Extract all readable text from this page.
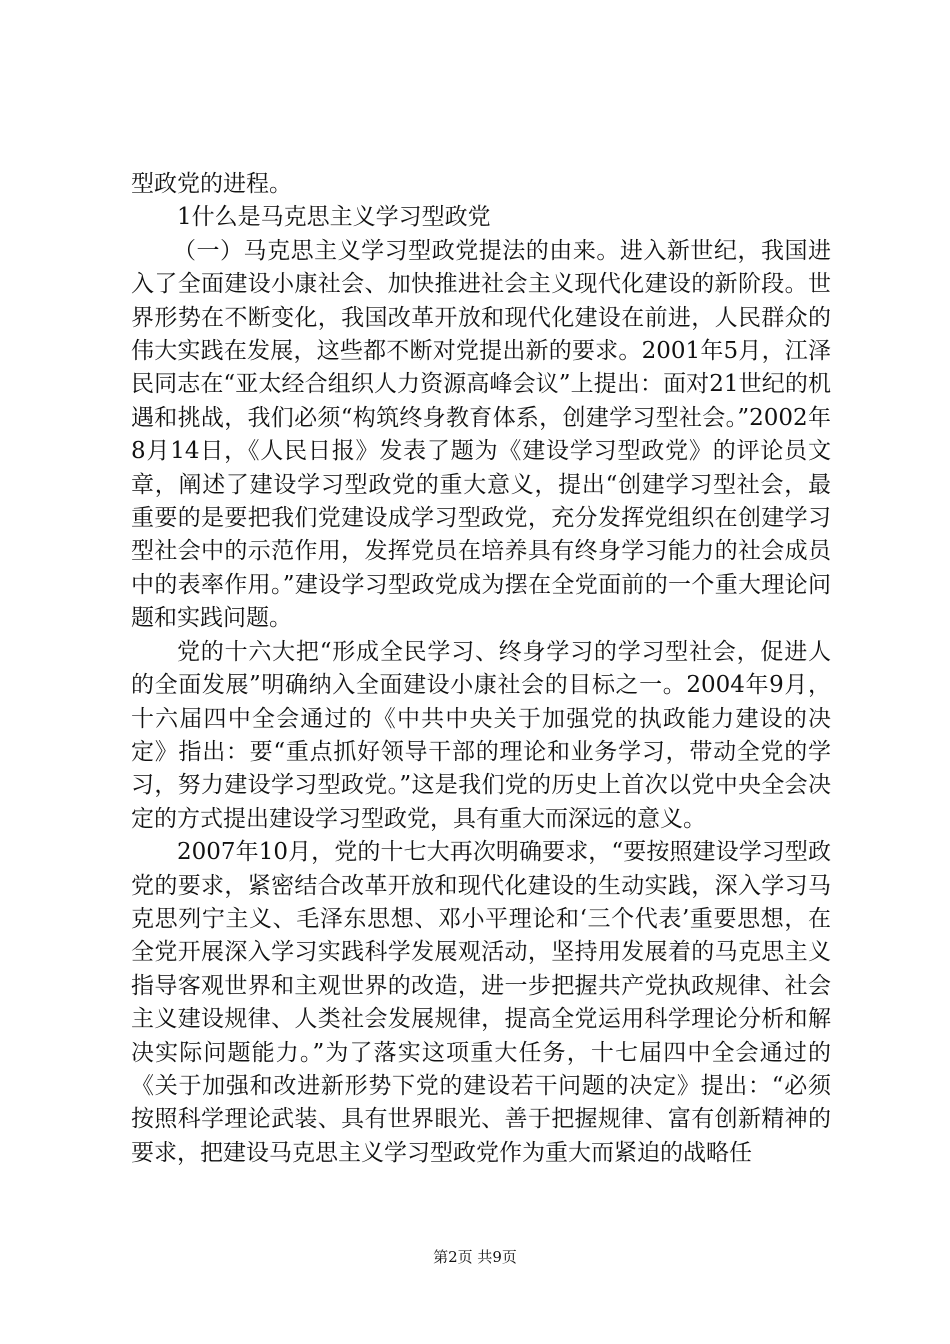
型政党的进程。

1什么是马克思主义学习型政党

（一）马克思主义学习型政党提法的由来。进入新世纪，我国进入了全面建设小康社会、加快推进社会主义现代化建设的新阶段。世界形势在不断变化，我国改革开放和现代化建设在前进，人民群众的伟大实践在发展，这些都不断对党提出新的要求。2001年5月，江泽民同志在“亚太经合组织人力资源高峰会议”上提出：面对21世纪的机遇和挑战，我们必须“构筑终身教育体系，创建学习型社会。”2002年8月14日，《人民日报》发表了题为《建设学习型政党》的评论员文章，阐述了建设学习型政党的重大意义，提出“创建学习型社会，最重要的是要把我们党建设成学习型政党，充分发挥党组织在创建学习型社会中的示范作用，发挥党员在培养具有终身学习能力的社会成员中的表率作用。”建设学习型政党成为摆在全党面前的一个重大理论问题和实践问题。

党的十六大把“形成全民学习、终身学习的学习型社会，促进人的全面发展”明确纳入全面建设小康社会的目标之一。2004年9月，十六届四中全会通过的《中共中央关于加强党的执政能力建设的决定》指出：要“重点抓好领导干部的理论和业务学习，带动全党的学习，努力建设学习型政党。”这是我们党的历史上首次以党中央全会决定的方式提出建设学习型政党，具有重大而深远的意义。

2007年10月，党的十七大再次明确要求，“要按照建设学习型政党的要求，紧密结合改革开放和现代化建设的生动实践，深入学习马克思列宁主义、毛泽东思想、邓小平理论和‘三个代表’重要思想，在全党开展深入学习实践科学发展观活动，坚持用发展着的马克思主义指导客观世界和主观世界的改造，进一步把握共产党执政规律、社会主义建设规律、人类社会发展规律，提高全党运用科学理论分析和解决实际问题能力。”为了落实这项重大任务，十七届四中全会通过的《关于加强和改进新形势下党的建设若干问题的决定》提出：“必须按照科学理论武装、具有世界眼光、善于把握规律、富有创新精神的要求，把建设马克思主义学习型政党作为重大而紧迫的战略任

第2页 共9页
